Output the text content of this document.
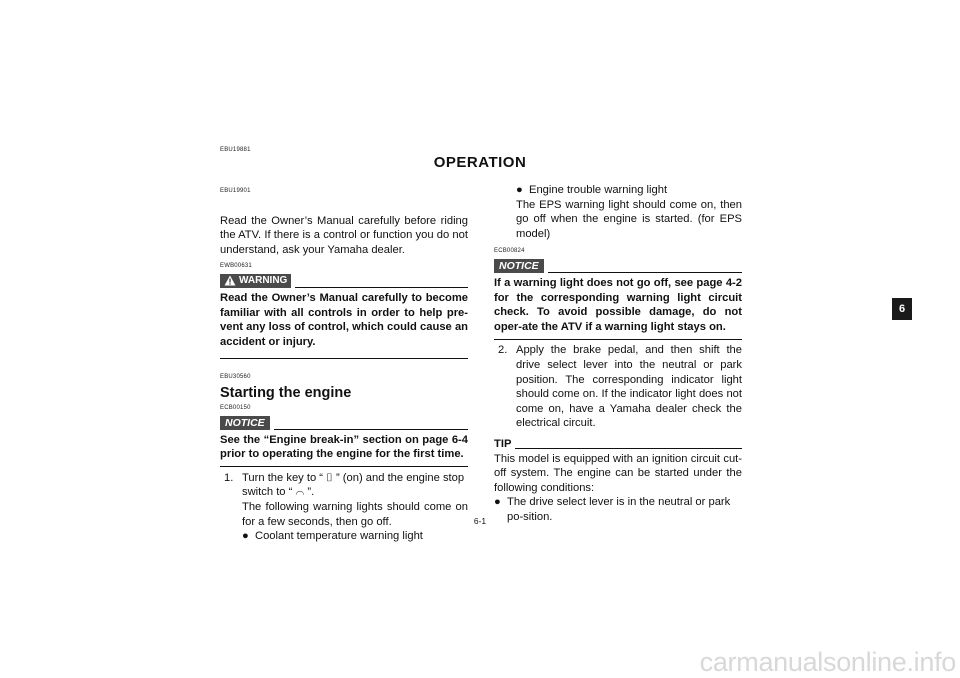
EBU19881
OPERATION
EBU19901

Read the Owner’s Manual carefully before riding the ATV. If there is a control or function you do not understand, ask your Yamaha dealer.

EWB00631
WARNING

Read the Owner’s Manual carefully to become familiar with all controls in order to help pre-vent any loss of control, which could cause an accident or injury.

EBU30560
Starting the engine
ECB00150
NOTICE

See the “Engine break-in” section on page 6-4 prior to operating the engine for the first time.

1. Turn the key to “ ⌷ ” (on) and the engine stop switch to “ ⌒ ”.

The following warning lights should come on for a few seconds, then go off.

● Coolant temperature warning light
● Engine trouble warning light

The EPS warning light should come on, then go off when the engine is started. (for EPS model)

ECB00824
NOTICE

If a warning light does not go off, see page 4-2 for the corresponding warning light circuit check. To avoid possible damage, do not oper-ate the ATV if a warning light stays on.

2. Apply the brake pedal, and then shift the drive select lever into the neutral or park position. The corresponding indicator light should come on. If the indicator light does not come on, have a Yamaha dealer check the electrical circuit.

TIP

This model is equipped with an ignition circuit cut-off system. The engine can be started under the following conditions:

● The drive select lever is in the neutral or park po-sition.
6
6-1
carmanualsonline.info
